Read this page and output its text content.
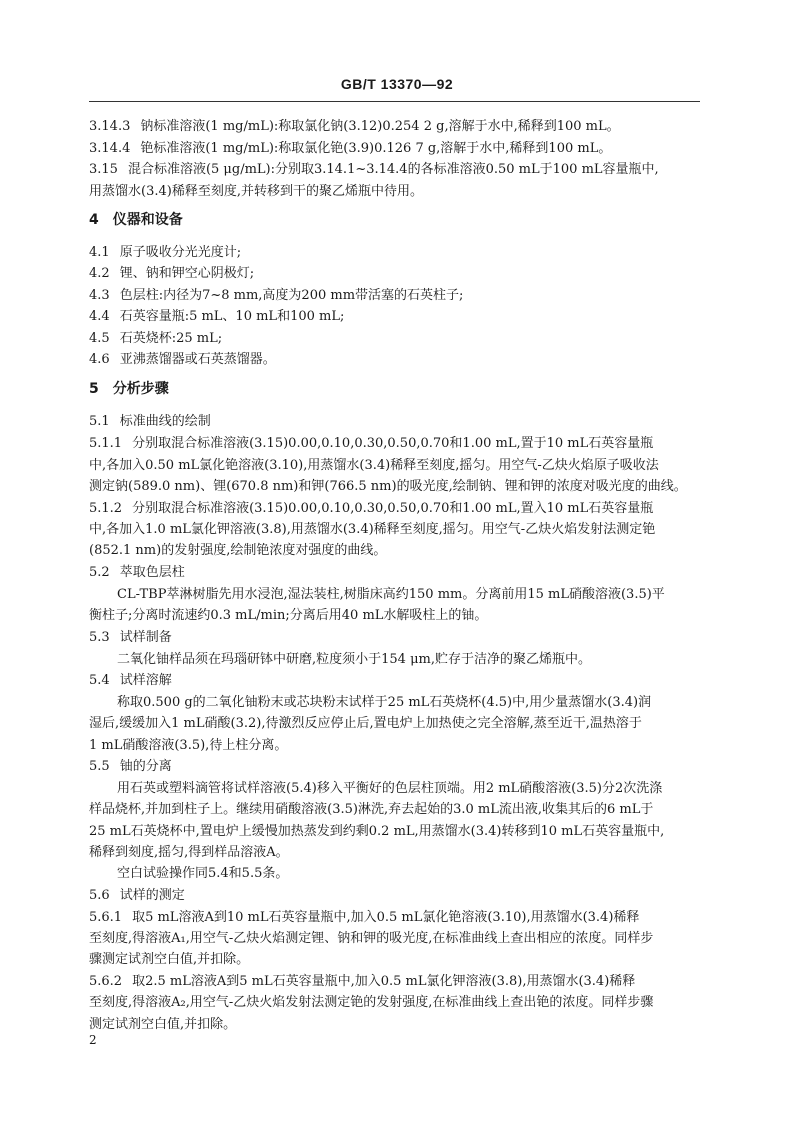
GB/T 13370—92
3.14.3 钠标准溶液(1 mg/mL):称取氯化钠(3.12)0.254 2 g,溶解于水中,稀释到100 mL。
3.14.4 铯标准溶液(1 mg/mL):称取氯化铯(3.9)0.126 7 g,溶解于水中,稀释到100 mL。
3.15 混合标准溶液(5 μg/mL):分别取3.14.1~3.14.4的各标准溶液0.50 mL于100 mL容量瓶中,
用蒸馏水(3.4)稀释至刻度,并转移到干的聚乙烯瓶中待用。
4 仪器和设备
4.1 原子吸收分光光度计;
4.2 锂、钠和钾空心阴极灯;
4.3 色层柱:内径为7~8 mm,高度为200 mm带活塞的石英柱子;
4.4 石英容量瓶:5 mL、10 mL和100 mL;
4.5 石英烧杯:25 mL;
4.6 亚沸蒸馏器或石英蒸馏器。
5 分析步骤
5.1 标准曲线的绘制
5.1.1 分别取混合标准溶液(3.15)0.00,0.10,0.30,0.50,0.70和1.00 mL,置于10 mL石英容量瓶
中,各加入0.50 mL氯化铯溶液(3.10),用蒸馏水(3.4)稀释至刻度,摇匀。用空气-乙炔火焰原子吸收法
测定钠(589.0 nm)、锂(670.8 nm)和钾(766.5 nm)的吸光度,绘制钠、锂和钾的浓度对吸光度的曲线。
5.1.2 分别取混合标准溶液(3.15)0.00,0.10,0.30,0.50,0.70和1.00 mL,置入10 mL石英容量瓶
中,各加入1.0 mL氯化钾溶液(3.8),用蒸馏水(3.4)稀释至刻度,摇匀。用空气-乙炔火焰发射法测定铯
(852.1 nm)的发射强度,绘制铯浓度对强度的曲线。
5.2 萃取色层柱
CL-TBP萃淋树脂先用水浸泡,湿法装柱,树脂床高约150 mm。分离前用15 mL硝酸溶液(3.5)平
衡柱子;分离时流速约0.3 mL/min;分离后用40 mL水解吸柱上的铀。
5.3 试样制备
二氧化铀样品须在玛瑙研钵中研磨,粒度须小于154 μm,贮存于洁净的聚乙烯瓶中。
5.4 试样溶解
称取0.500 g的二氧化铀粉末或芯块粉末试样于25 mL石英烧杯(4.5)中,用少量蒸馏水(3.4)润
湿后,缓缓加入1 mL硝酸(3.2),待激烈反应停止后,置电炉上加热使之完全溶解,蒸至近干,温热溶于
1 mL硝酸溶液(3.5),待上柱分离。
5.5 铀的分离
用石英或塑料滴管将试样溶液(5.4)移入平衡好的色层柱顶端。用2 mL硝酸溶液(3.5)分2次洗涤
样品烧杯,并加到柱子上。继续用硝酸溶液(3.5)淋洗,弃去起始的3.0 mL流出液,收集其后的6 mL于
25 mL石英烧杯中,置电炉上缓慢加热蒸发到约剩0.2 mL,用蒸馏水(3.4)转移到10 mL石英容量瓶中,
稀释到刻度,摇匀,得到样品溶液A。
空白试验操作同5.4和5.5条。
5.6 试样的测定
5.6.1 取5 mL溶液A到10 mL石英容量瓶中,加入0.5 mL氯化铯溶液(3.10),用蒸馏水(3.4)稀释
至刻度,得溶液A₁,用空气-乙炔火焰测定锂、钠和钾的吸光度,在标准曲线上查出相应的浓度。同样步
骤测定试剂空白值,并扣除。
5.6.2 取2.5 mL溶液A到5 mL石英容量瓶中,加入0.5 mL氯化钾溶液(3.8),用蒸馏水(3.4)稀释
至刻度,得溶液A₂,用空气-乙炔火焰发射法测定铯的发射强度,在标准曲线上查出铯的浓度。同样步骤
测定试剂空白值,并扣除。
2
